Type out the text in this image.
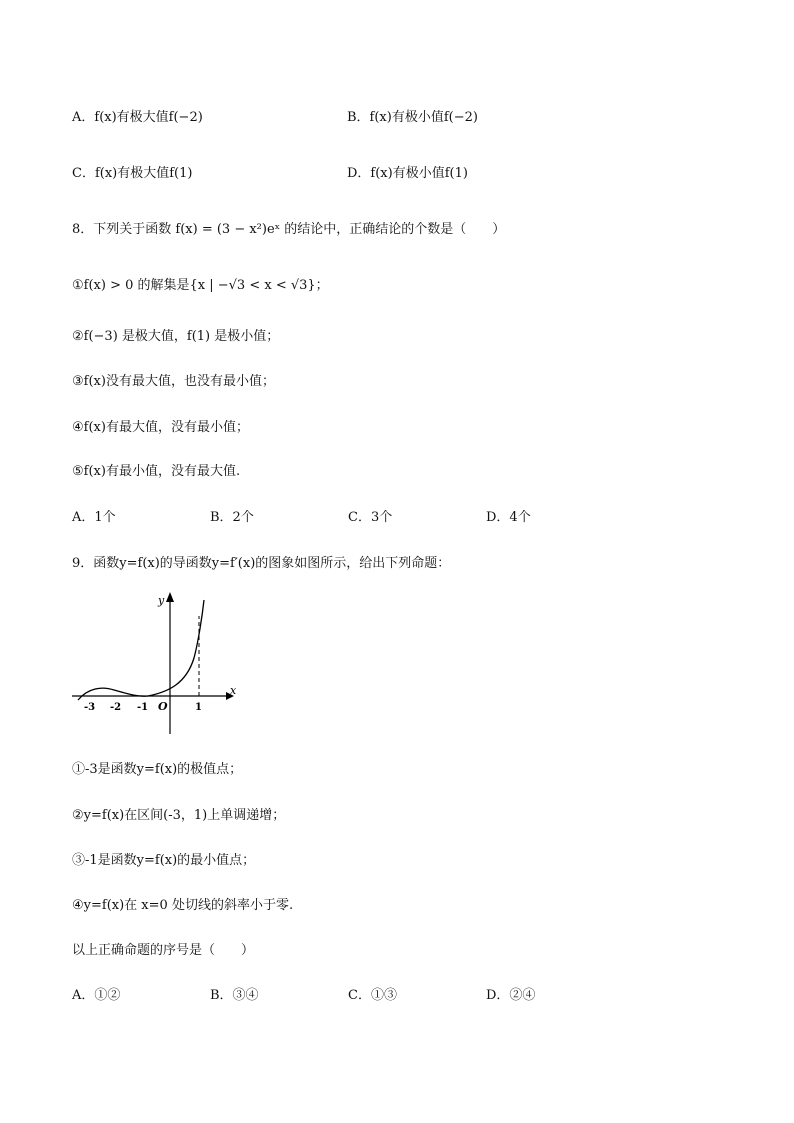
A．f(x)有极大值f(−2)	B．f(x)有极小值f(−2)
C．f(x)有极大值f(1)	D．f(x)有极小值f(1)
8．下列关于函数 f(x) = (3 − x²)eˣ 的结论中，正确结论的个数是（　　）
①f(x) > 0 的解集是{x | −√3 < x < √3}；
②f(−3) 是极大值，f(1) 是极小值；
③f(x)没有最大值，也没有最小值；
④f(x)有最大值，没有最小值；
⑤f(x)有最小值，没有最大值.
A．1个	B．2个	C．3个	D．4个
9．函数y=f(x)的导函数y=f′(x)的图象如图所示，给出下列命题：
y
x
O
-3 -2 -1	1
①-3是函数y=f(x)的极值点；
②y=f(x)在区间(-3，1)上单调递增；
③-1是函数y=f(x)的最小值点；
④y=f(x)在 x=0 处切线的斜率小于零.
以上正确命题的序号是（　　）
A．①②	B．③④	C．①③	D．②④
